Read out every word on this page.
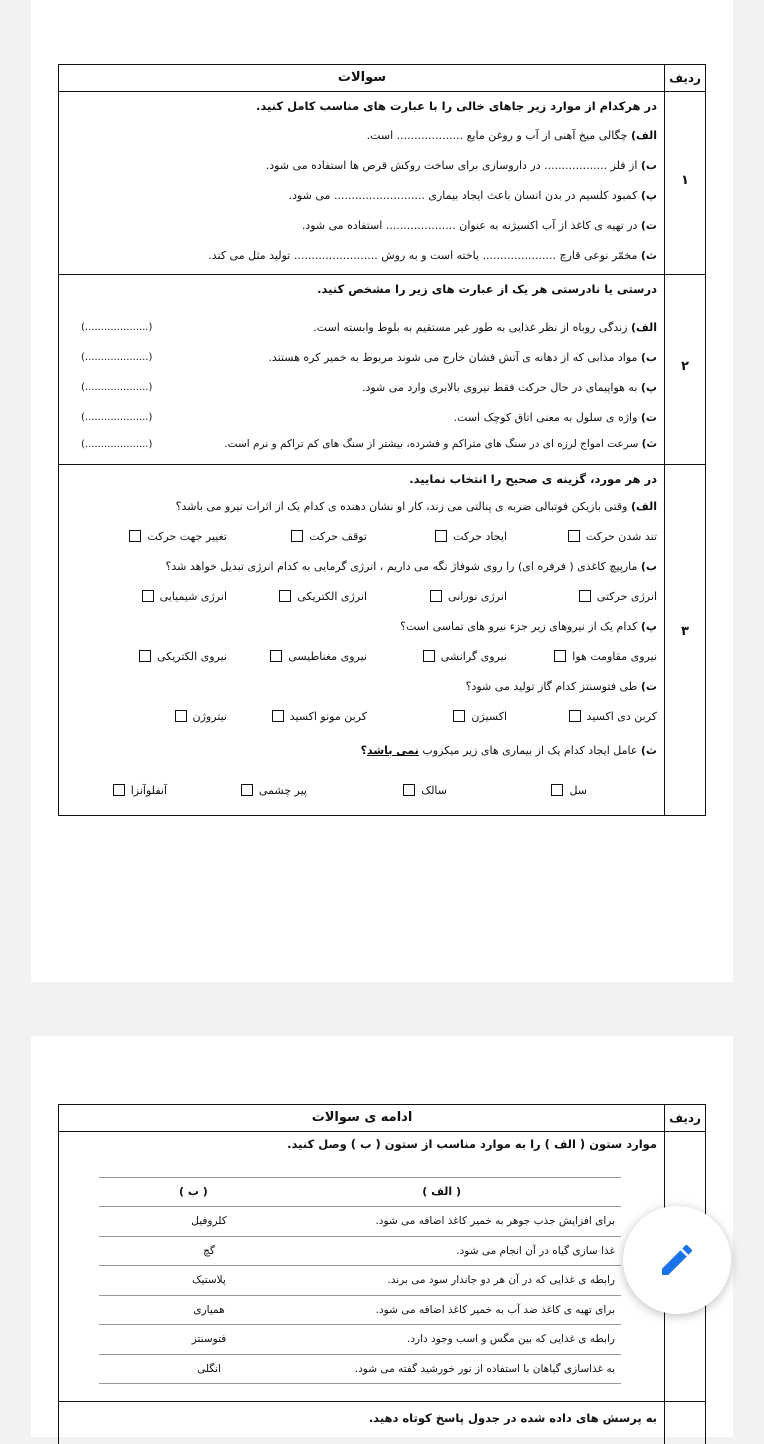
ردیف
سوالات
۱
در هرکدام از موارد زیر جاهای خالی را با عبارت های مناسب کامل کنید.
الف) چگالی میخ آهنی از آب و روغن مایع ................... است.
ب) از فلز .................. در داروسازی برای ساخت روکش قرص ها استفاده می شود.
پ) کمبود کلسیم در بدن انسان باعث ایجاد بیماری .......................... می شود.
ت) در تهیه ی کاغذ از آب اکسیژنه به عنوان .................... استفاده می شود.
ث) مخمّر نوعی قارچ ..................... یاخته است و به روش ........................ تولید مثل می کند.
۲
درستی یا نادرستی هر یک از عبارت های زیر را مشخص کنید.
الف) زندگی روباه از نظر غذایی به طور غیر مستقیم به بلوط وابسته است.
(....................)
ب) مواد مذابی که از دهانه ی آتش فشان خارج می شوند مربوط به خمیر کره هستند.
(....................)
پ) به هواپیمای در حال حرکت فقط نیروی بالابری وارد می شود.
(....................)
ت) واژه ی سلول به معنی اتاق کوچک است.
(....................)
ث) سرعت امواج لرزه ای در سنگ های متراکم و فشرده، بیشتر از سنگ های کم تراکم و نرم است.
(....................)
۳
در هر مورد، گزینه ی صحیح را انتخاب نمایید.
الف) وقتی بازیکن فوتبالی ضربه ی پنالتی می زند، کار او نشان دهنده ی کدام یک از اثرات نیرو می باشد؟
تند شدن حرکت
ایجاد حرکت
توقف حرکت
تغییر جهت حرکت
ب) مارپیچ کاغذی ( فرفره ای) را روی شوفاژ نگه می داریم ، انرژی گرمایی به کدام انرژی تبدیل خواهد شد؟
انرژی حرکتی
انرژی نورانی
انرژی الکتریکی
انرژی شیمیایی
پ) کدام یک از نیروهای زیر جزء نیرو های تماسی است؟
نیروی مقاومت هوا
نیروی گرانشی
نیروی مغناطیسی
نیروی الکتریکی
ت) طی فتوسنتز کدام گاز تولید می شود؟
کربن دی اکسید
اکسیژن
کربن مونو اکسید
نیتروژن
ث) عامل ایجاد کدام یک از بیماری های زیر میکروب نمی باشد؟
سل
سالک
پیر چشمی
آنفلوآنزا
ردیف
ادامه ی سوالات
موارد ستون ( الف ) را به موارد مناسب از ستون ( ب ) وصل کنید.
( الف )
( ب )
برای افزایش جذب جوهر به خمیر کاغذ اضافه می شود.
کلروفیل
غذا سازی گیاه در آن انجام می شود.
گچ
رابطه ی غذایی که در آن هر دو جاندار سود می برند.
پلاستیک
برای تهیه ی کاغذ ضد آب به خمیر کاغذ اضافه می شود.
همیاری
رابطه ی غذایی که بین مگس و اسب وجود دارد.
فتوسنتز
به غذاسازی گیاهان با استفاده از نور خورشید گفته می شود.
انگلی
به پرسش های داده شده در جدول پاسخ کوتاه دهید.
